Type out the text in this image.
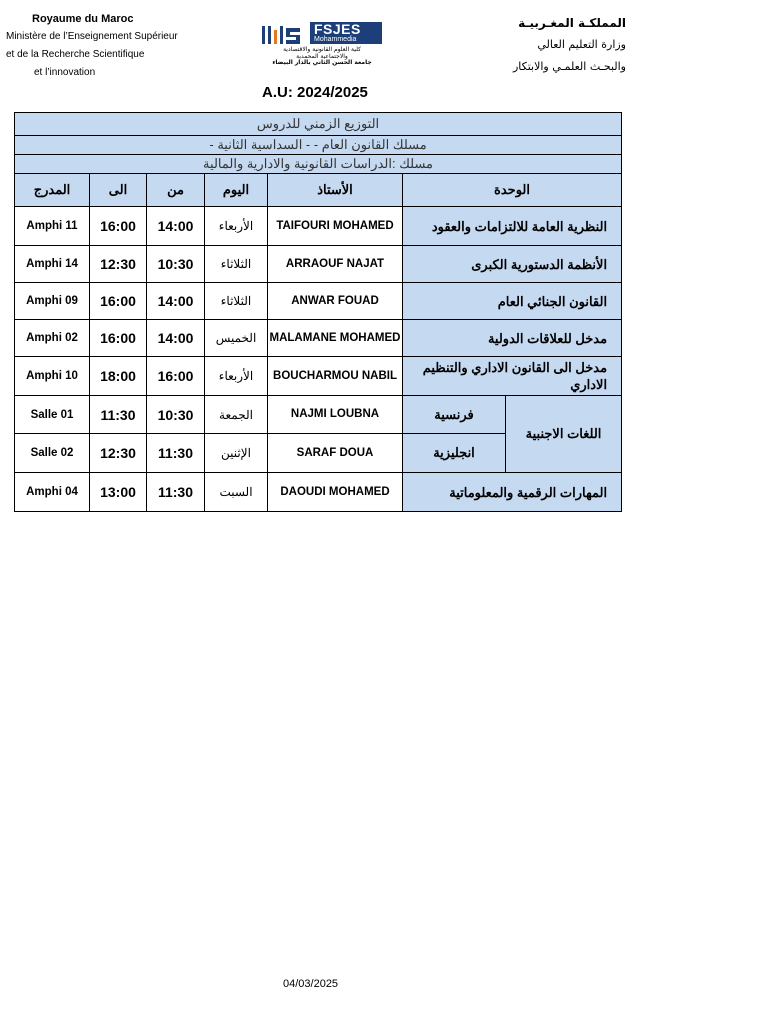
Royaume du Maroc
Ministère de l’Enseignement Supérieur
et de la Recherche Scientifique
et l’innovation
FSJES
Mohammedia
كلية العلوم القانونية والاقتصادية
والاجتماعية المحمدية
جامعة الحسن الثاني بالدار البيضاء
المملكـة المغـربيـة
وزارة التعليم العالي
والبحـث العلمـي والابتكار
A.U: 2024/2025
التوزيع الزمني للدروس						
مسلك القانون العام - - السداسية الثانية -						
مسلك :الدراسات القانونية والادارية والمالية						
المدرج	الى	من	اليوم	الأستاذ	الوحدة	
Amphi 11	16:00	14:00	الأربعاء	TAIFOURI MOHAMED	النظرية العامة للالتزامات والعقود	
Amphi 14	12:30	10:30	الثلاثاء	ARRAOUF NAJAT	الأنظمة الدستورية الكبرى	
Amphi 09	16:00	14:00	الثلاثاء	ANWAR FOUAD	القانون الجنائي العام	
Amphi 02	16:00	14:00	الخميس	MALAMANE MOHAMED	مدخل للعلاقات الدولية	
Amphi 10	18:00	16:00	الأربعاء	BOUCHARMOU NABIL	مدخل الى القانون الاداري والتنظيم الاداري	
Salle 01	11:30	10:30	الجمعة	NAJMI LOUBNA	فرنسية	اللغات الاجنبية
Salle 02	12:30	11:30	الإثنين	SARAF DOUA	انجليزية	
Amphi 04	13:00	11:30	السبت	DAOUDI MOHAMED	المهارات الرقمية والمعلوماتية	
04/03/2025
